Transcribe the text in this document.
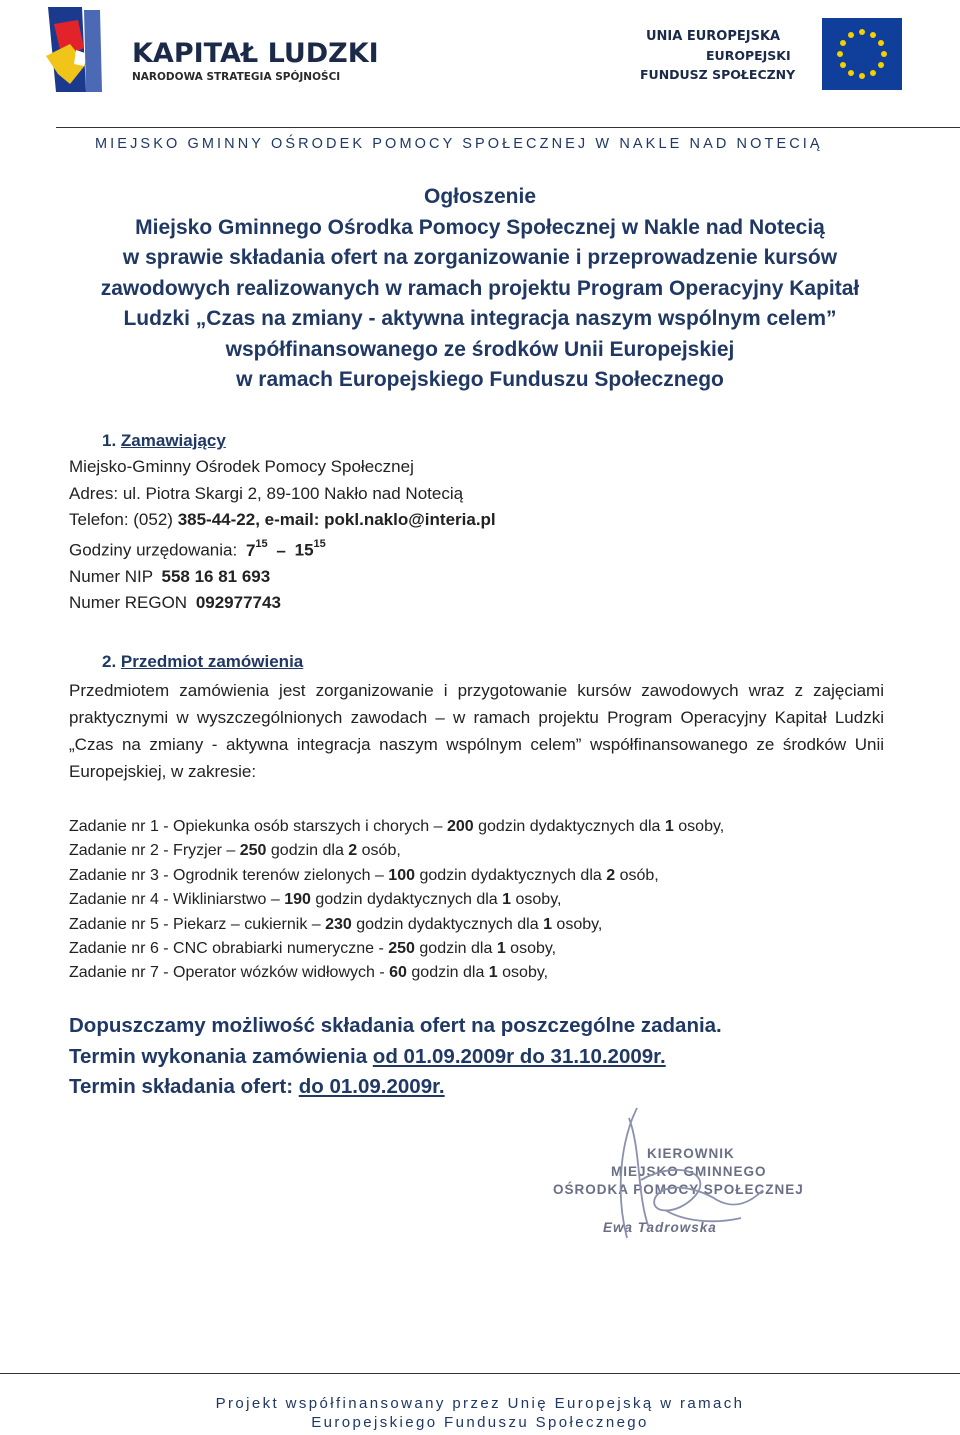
KAPITAŁ LUDZKI
NARODOWA STRATEGIA SPÓJNOŚCI
UNIA EUROPEJSKA
EUROPEJSKI
FUNDUSZ SPOŁECZNY
MIEJSKO GMINNY OŚRODEK POMOCY SPOŁECZNEJ W NAKLE NAD NOTECIĄ
Ogłoszenie
Miejsko Gminnego Ośrodka Pomocy Społecznej w Nakle nad Notecią
w sprawie składania ofert na zorganizowanie i przeprowadzenie kursów
zawodowych realizowanych w ramach projektu Program Operacyjny Kapitał
Ludzki „Czas na zmiany - aktywna integracja naszym wspólnym celem”
współfinansowanego ze środków Unii Europejskiej
w ramach Europejskiego Funduszu Społecznego
1. Zamawiający
Miejsko-Gminny Ośrodek Pomocy Społecznej
Adres: ul. Piotra Skargi 2, 89-100 Nakło nad Notecią
Telefon: (052) 385-44-22, e-mail: pokl.naklo@interia.pl
Godziny urzędowania: $7^{15} - 15^{15}$
Numer NIP 558 16 81 693
Numer REGON 092977743
2. Przedmiot zamówienia
Przedmiotem zamówienia jest zorganizowanie i przygotowanie kursów zawodowych wraz z zajęciami praktycznymi w wyszczególnionych zawodach – w ramach projektu Program Operacyjny Kapitał Ludzki „Czas na zmiany - aktywna integracja naszym wspólnym celem” współfinansowanego ze środków Unii Europejskiej, w zakresie:
Zadanie nr 1 - Opiekunka osób starszych i chorych – 200 godzin dydaktycznych dla 1 osoby,
Zadanie nr 2 - Fryzjer – 250 godzin dla 2 osób,
Zadanie nr 3 - Ogrodnik terenów zielonych – 100 godzin dydaktycznych dla 2 osób,
Zadanie nr 4 - Wikliniarstwo – 190 godzin dydaktycznych dla 1 osoby,
Zadanie nr 5 - Piekarz – cukiernik – 230 godzin dydaktycznych dla 1 osoby,
Zadanie nr 6 - CNC obrabiarki numeryczne - 250 godzin dla 1 osoby,
Zadanie nr 7 - Operator wózków widłowych - 60 godzin dla 1 osoby,
Dopuszczamy możliwość składania ofert na poszczególne zadania.
Termin wykonania zamówienia od 01.09.2009r do 31.10.2009r.
Termin składania ofert: do 01.09.2009r.
KIEROWNIK
MIEJSKO GMINNEGO
OŚRODKA POMOCY SPOŁECZNEJ
Ewa Tadrowska
Projekt współfinansowany przez Unię Europejską w ramach
Europejskiego Funduszu Społecznego
